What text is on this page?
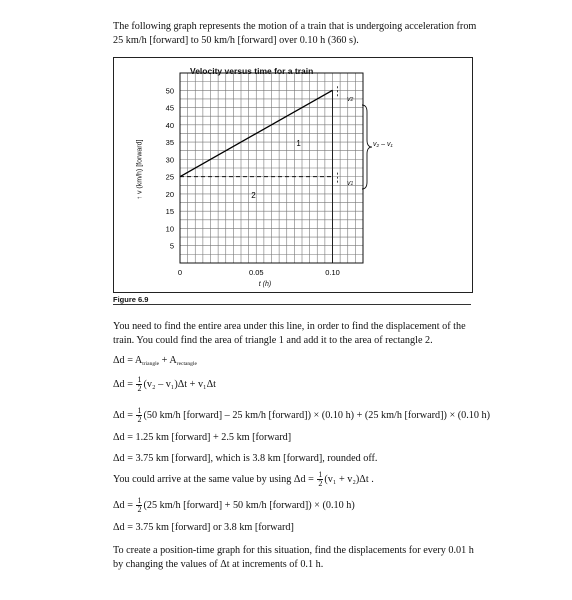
The following graph represents the motion of a train that is undergoing acceleration from 25 km/h [forward] to 50 km/h [forward] over 0.10 h (360 s).
1
2
50
45
40
35
30
25
20
15
10
5
0	0.05	0.10
Velocity versus time for a train
↑ v (km/h) [forward]
t (h)
v1
v2
v₂ – v₁
Figure 6.9
You need to find the entire area under this line, in order to find the displacement of the train. You could find the area of triangle 1 and add it to the area of rectangle 2.
$\Delta d = A_{triangle} + A_{rectangle}$
$\Delta d = \frac{1}{2} (v_2 - v_1)\Delta t + v_1\Delta t$
$\Delta d = \frac{1}{2} (50$ km/h [forward] – 25 km/h [forward]) × (0.10 h) + (25 km/h [forward]) × (0.10 h)
Δd = 1.25 km [forward] + 2.5 km [forward]
Δd = 3.75 km [forward], which is 3.8 km [forward], rounded off.
You could arrive at the same value by using $\Delta d = \frac{1}{2} (v_1 + v_2)\Delta t$ .
$\Delta d = \frac{1}{2} (25$ km/h [forward] + 50 km/h [forward]) × (0.10 h)
Δd = 3.75 km [forward] or 3.8 km [forward]
To create a position-time graph for this situation, find the displacements for every 0.01 h by changing the values of Δt at increments of 0.1 h.
